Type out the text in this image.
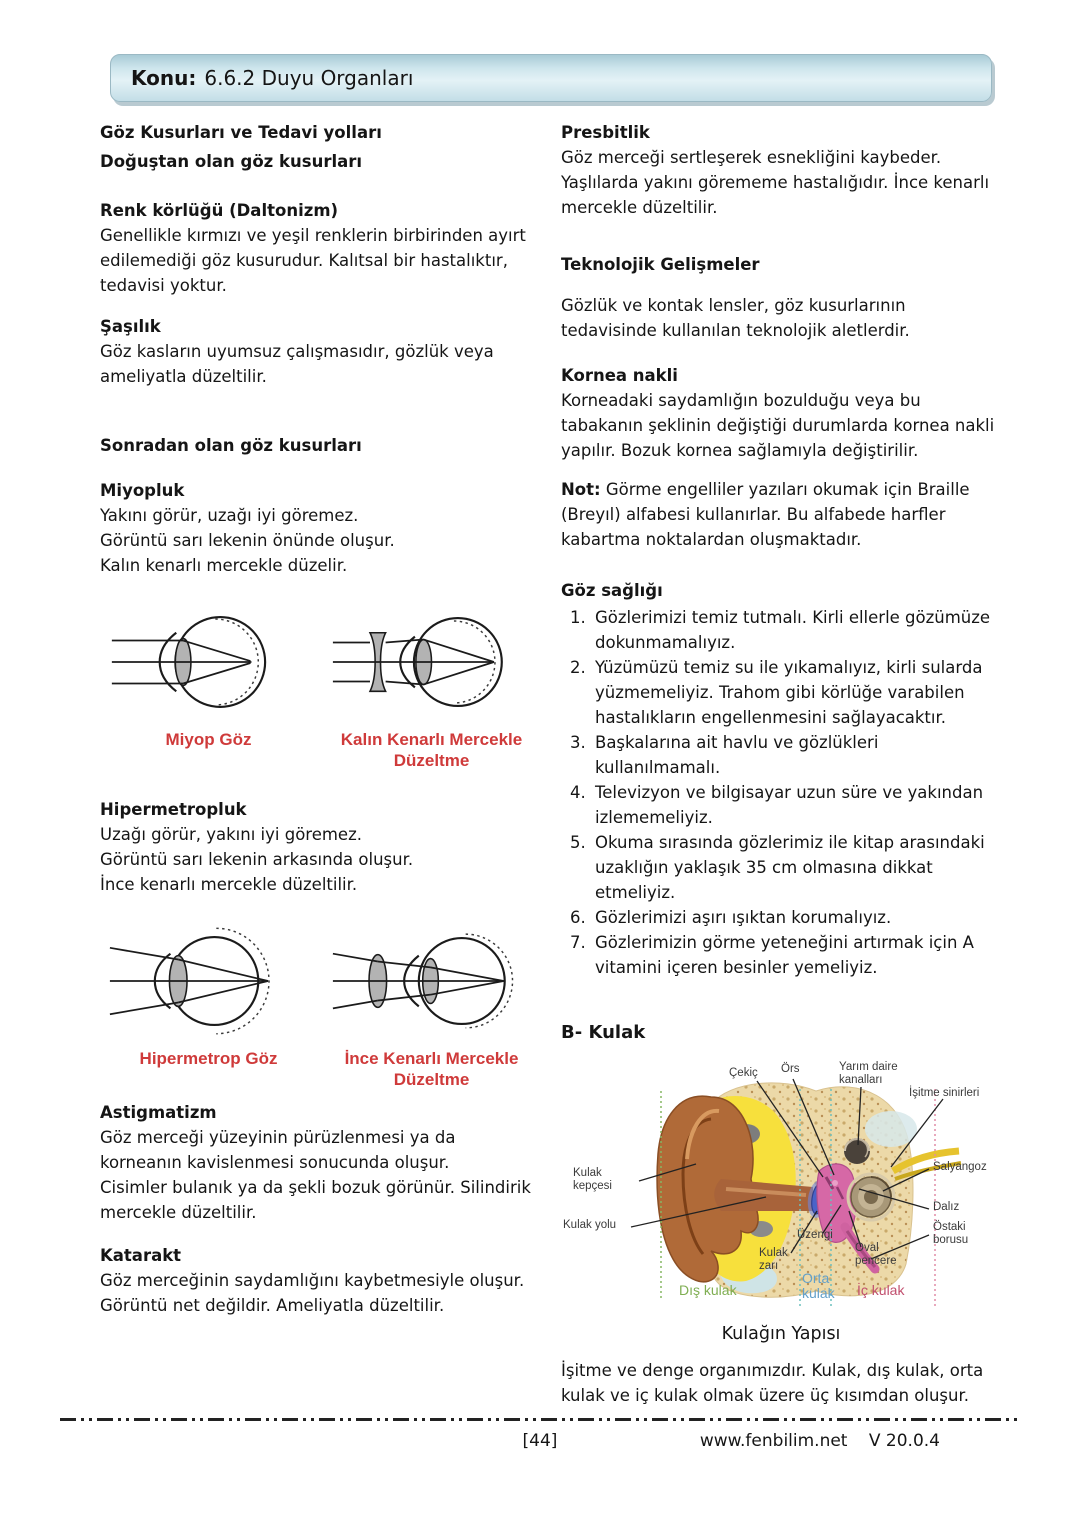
Konu: 6.6.2 Duyu Organları
Göz Kusurları ve Tedavi yolları
Doğuştan olan göz kusurları
Renk körlüğü (Daltonizm)
Genellikle kırmızı ve yeşil renklerin birbirinden ayırt edilemediği göz kusurudur. Kalıtsal bir hastalıktır, tedavisi yoktur.
Şaşılık
Göz kasların uyumsuz çalışmasıdır, gözlük veya ameliyatla düzeltilir.
Sonradan olan göz kusurları
Miyopluk
Yakını görür, uzağı iyi göremez.
Görüntü sarı lekenin önünde oluşur.
Kalın kenarlı mercekle düzelir.
Miyop Göz	Kalın Kenarlı Mercekle Düzeltme
Hipermetropluk
Uzağı görür, yakını iyi göremez.
Görüntü sarı lekenin arkasında oluşur.
İnce kenarlı mercekle düzeltilir.
Hipermetrop Göz	İnce Kenarlı Mercekle Düzeltme
Astigmatizm
Göz merceği yüzeyinin pürüzlenmesi ya da korneanın kavislenmesi sonucunda oluşur.
Cisimler bulanık ya da şekli bozuk görünür. Silindirik mercekle düzeltilir.
Katarakt
Göz merceğinin saydamlığını kaybetmesiyle oluşur.
Görüntü net değildir. Ameliyatla düzeltilir.
Presbitlik
Göz merceği sertleşerek esnekliğini kaybeder. Yaşlılarda yakını görememe hastalığıdır. İnce kenarlı mercekle düzeltilir.
Teknolojik Gelişmeler
Gözlük ve kontak lensler, göz kusurlarının tedavisinde kullanılan teknolojik aletlerdir.
Kornea nakli
Korneadaki saydamlığın bozulduğu veya bu tabakanın şeklinin değiştiği durumlarda kornea nakli yapılır. Bozuk kornea sağlamıyla değiştirilir.
Not: Görme engelliler yazıları okumak için Braille (Breyıl) alfabesi kullanırlar. Bu alfabede harfler kabartma noktalardan oluşmaktadır.
Göz sağlığı
1. Gözlerimizi temiz tutmalı. Kirli ellerle gözümüze dokunmamalıyız.
2. Yüzümüzü temiz su ile yıkamalıyız, kirli sularda yüzmemeliyiz. Trahom gibi körlüğe varabilen hastalıkların engellenmesini sağlayacaktır.
3. Başkalarına ait havlu ve gözlükleri kullanılmamalı.
4. Televizyon ve bilgisayar uzun süre ve yakından izlememeliyiz.
5. Okuma sırasında gözlerimiz ile kitap arasındaki uzaklığın yaklaşık 35 cm olmasına dikkat etmeliyiz.
6. Gözlerimizi aşırı ışıktan korumalıyız.
7. Gözlerimizin görme yeteneğini artırmak için A vitamini içeren besinler yemeliyiz.
B- Kulak
Çekiç Örs	Yarım daire kanalları
İşitme sinirleri
Salyangoz
Dalız
Östaki borusu
Kulak kepçesi
Kulak yolu
Üzengi
Oval pencere
Kulak zarı
Dış kulak
Orta kulak İç kulak
Kulağın Yapısı
İşitme ve denge organımızdır. Kulak, dış kulak, orta kulak ve iç kulak olmak üzere üç kısımdan oluşur.
[44]	www.fenbilim.net V 20.0.4
